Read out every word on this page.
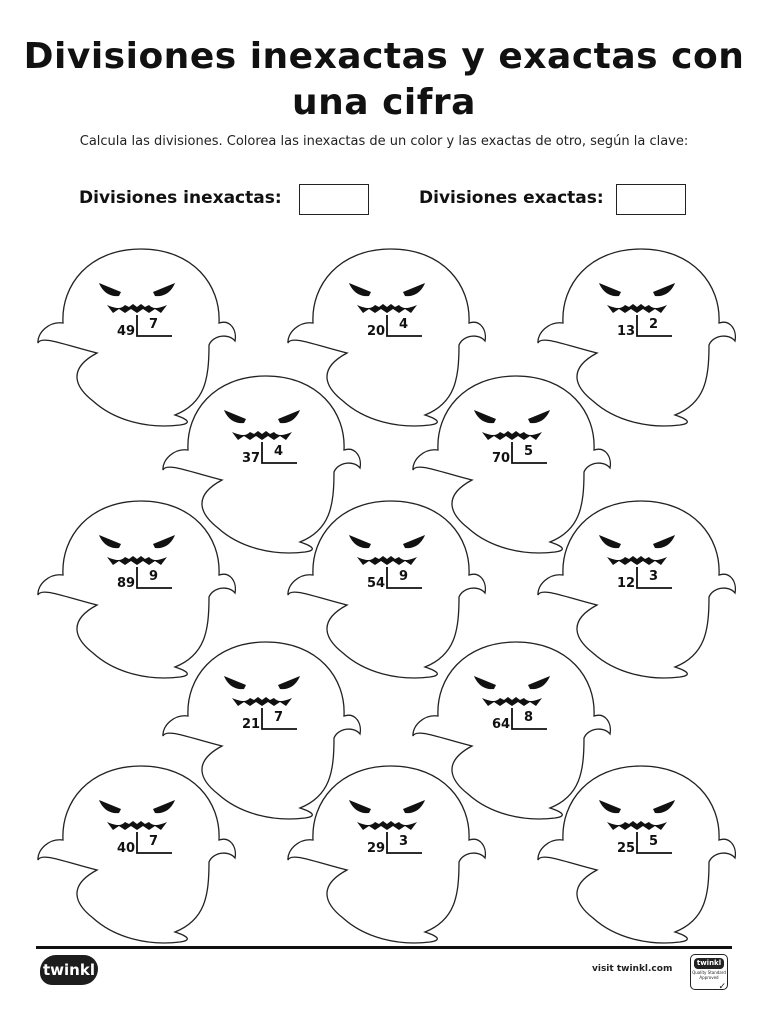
Divisiones inexactas y exactas con una cifra
Calcula las divisiones. Colorea las inexactas de un color y las exactas de otro, según la clave:
Divisiones inexactas:	Divisiones exactas:
49 7	20 4	13 2
37 4	70 5
89 9	54 9	12 3
21 7	64 8
40 7	29 3	25 5
twinkl	visit twinkl.com
twinkl
Quality Standard
Approved
✓
